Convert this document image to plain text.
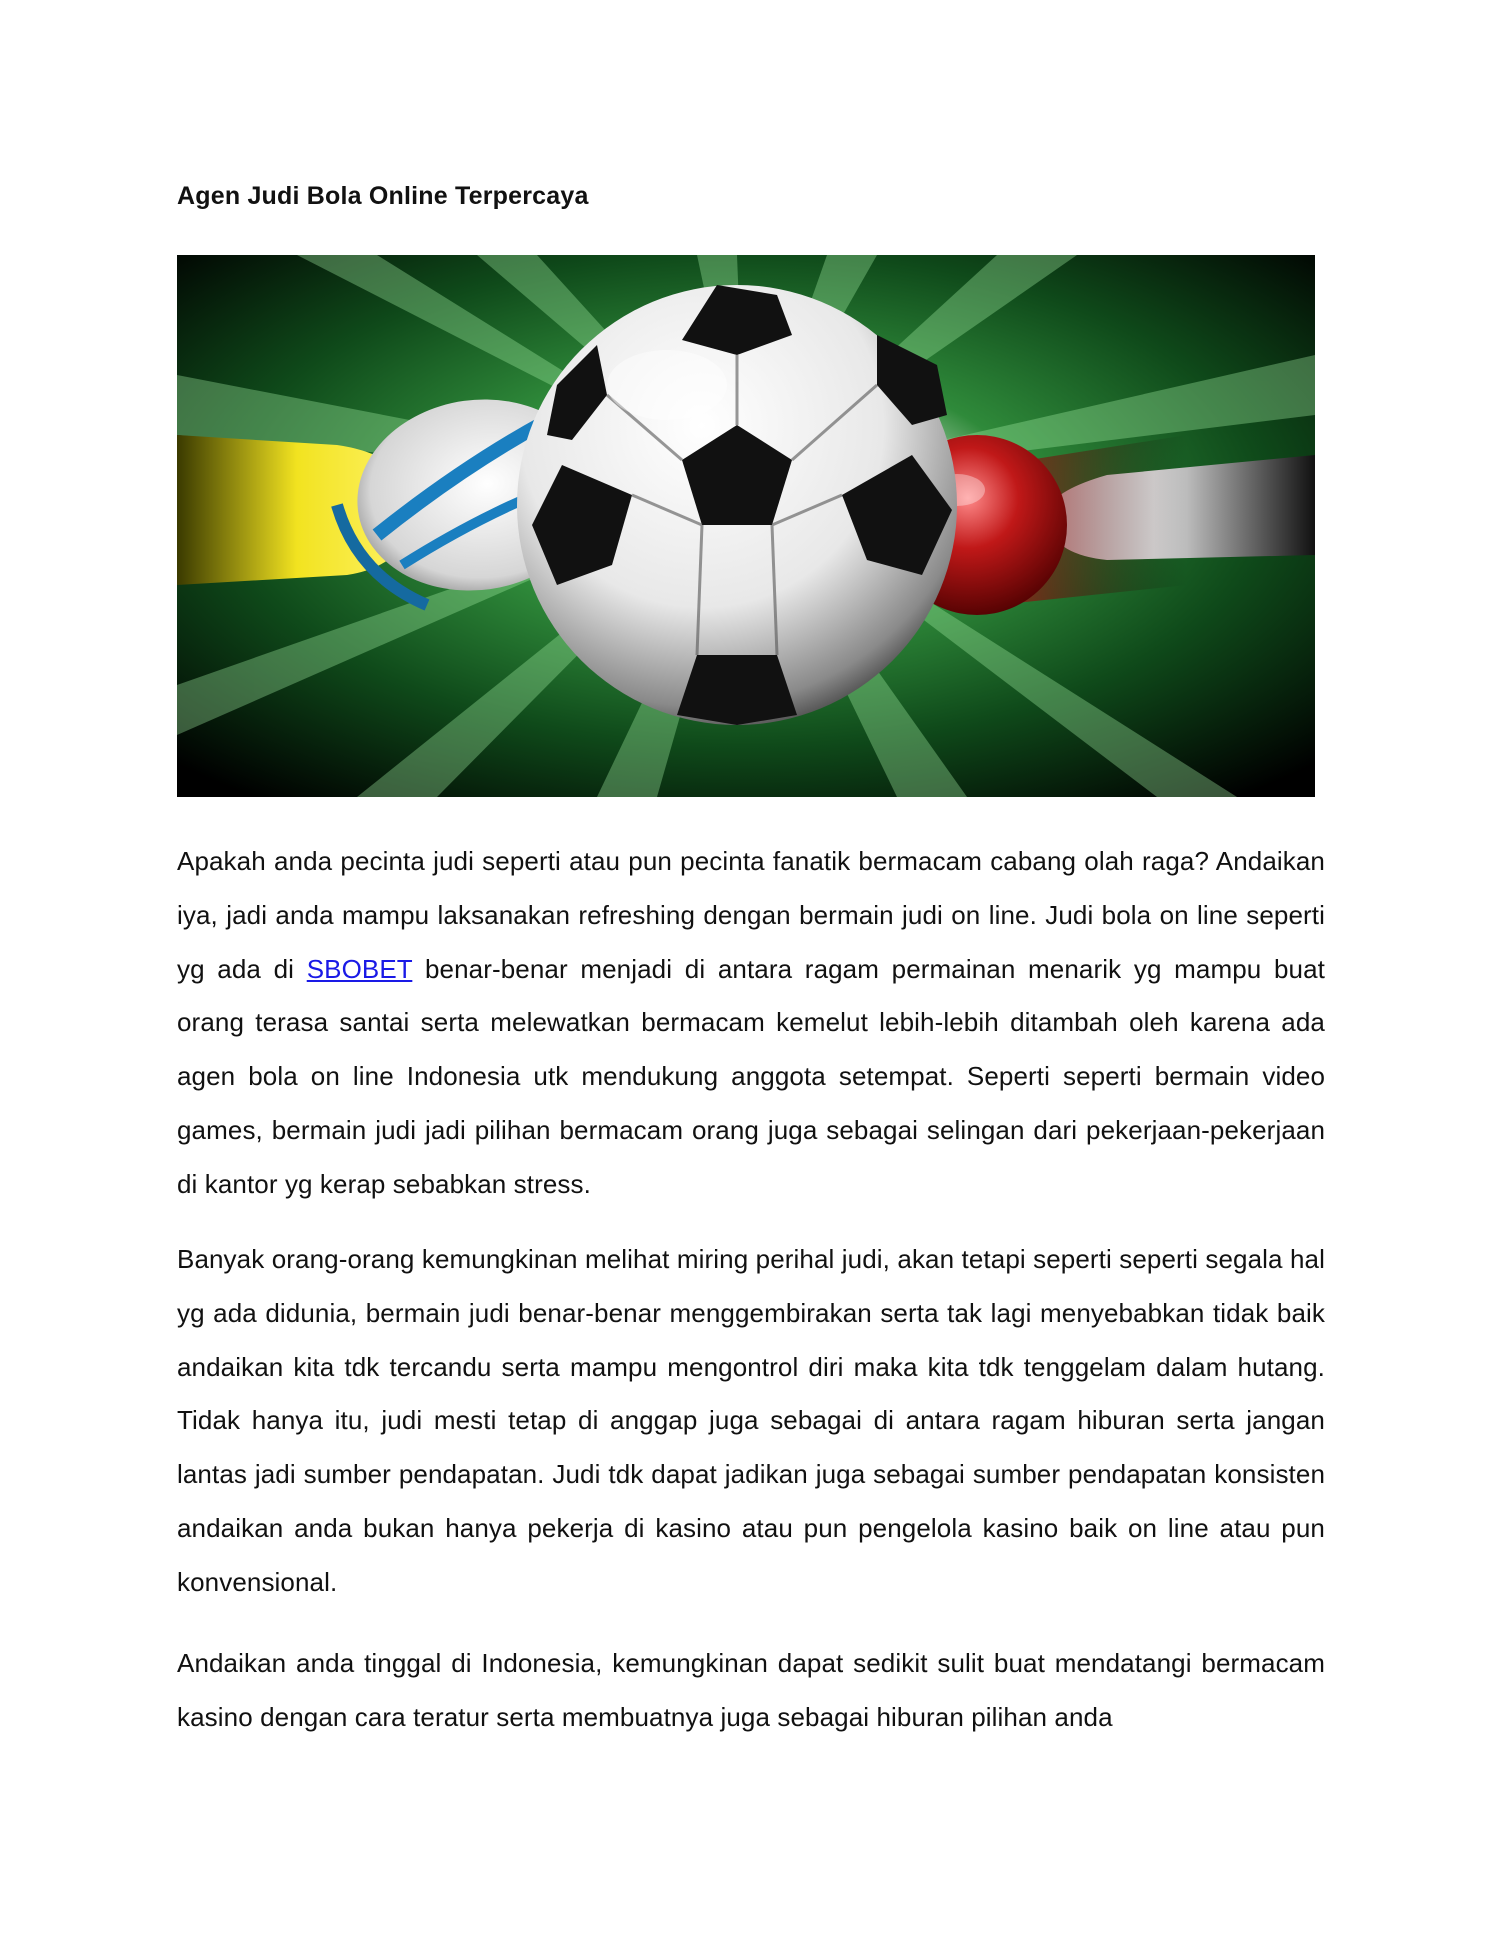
Agen Judi Bola Online Terpercaya

Apakah anda pecinta judi seperti atau pun pecinta fanatik bermacam cabang olah raga? Andaikan iya, jadi anda mampu laksanakan refreshing dengan bermain judi on line. Judi bola on line seperti yg ada di SBOBET benar-benar menjadi di antara ragam permainan menarik yg mampu buat orang terasa santai serta melewatkan bermacam kemelut lebih-lebih ditambah oleh karena ada agen bola on line Indonesia utk mendukung anggota setempat. Seperti seperti bermain video games, bermain judi jadi pilihan bermacam orang juga sebagai selingan dari pekerjaan-pekerjaan di kantor yg kerap sebabkan stress.

Banyak orang-orang kemungkinan melihat miring perihal judi, akan tetapi seperti seperti segala hal yg ada didunia, bermain judi benar-benar menggembirakan serta tak lagi menyebabkan tidak baik andaikan kita tdk tercandu serta mampu mengontrol diri maka kita tdk tenggelam dalam hutang. Tidak hanya itu, judi mesti tetap di anggap juga sebagai di antara ragam hiburan serta jangan lantas jadi sumber pendapatan. Judi tdk dapat jadikan juga sebagai sumber pendapatan konsisten andaikan anda bukan hanya pekerja di kasino atau pun pengelola kasino baik on line atau pun konvensional.

Andaikan anda tinggal di Indonesia, kemungkinan dapat sedikit sulit buat mendatangi bermacam kasino dengan cara teratur serta membuatnya juga sebagai hiburan pilihan anda
